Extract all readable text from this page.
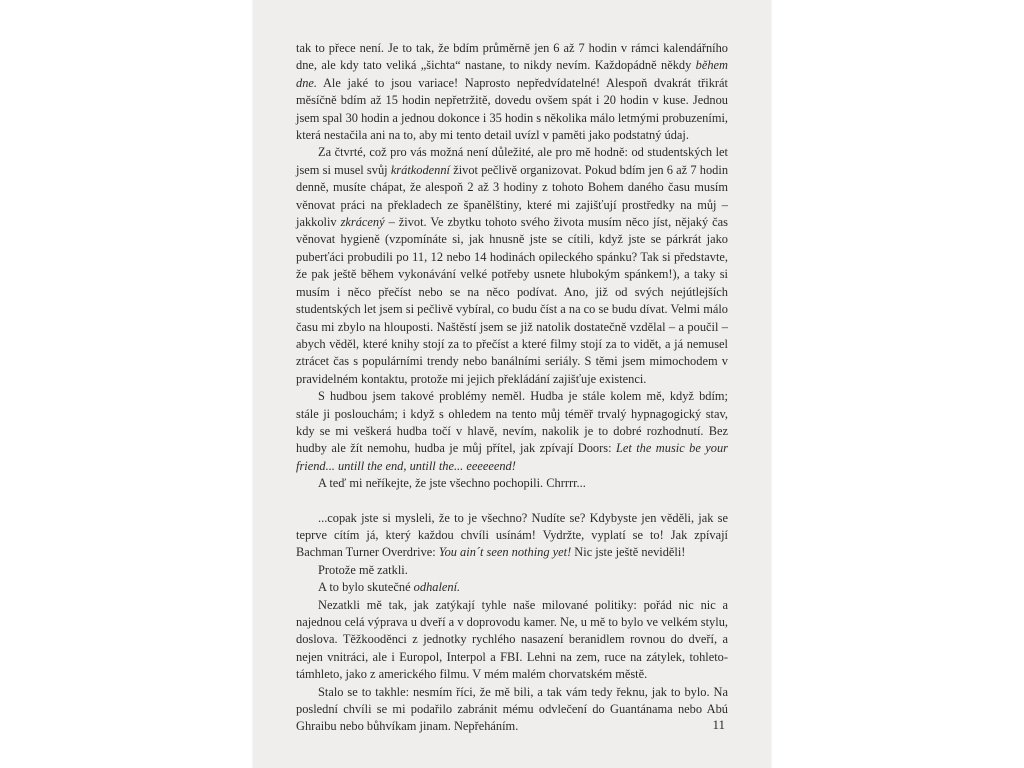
tak to přece není. Je to tak, že bdím průměrně jen 6 až 7 hodin v rámci kalendářního dne, ale kdy tato veliká „šichta“ nastane, to nikdy nevím. Každopádně někdy během dne. Ale jaké to jsou variace! Naprosto nepředvídatelné! Alespoň dvakrát třikrát měsíčně bdím až 15 hodin nepřetržitě, dovedu ovšem spát i 20 hodin v kuse. Jednou jsem spal 30 hodin a jednou dokonce i 35 hodin s několika málo letmými probuzeními, která nestačila ani na to, aby mi tento detail uvízl v paměti jako podstatný údaj.

Za čtvrté, což pro vás možná není důležité, ale pro mě hodně: od studentských let jsem si musel svůj krátkodenní život pečlivě organizovat. Pokud bdím jen 6 až 7 hodin denně, musíte chápat, že alespoň 2 až 3 hodiny z tohoto Bohem daného času musím věnovat práci na překladech ze španělštiny, které mi zajišťují prostředky na můj – jakkoliv zkrácený – život. Ve zbytku tohoto svého života musím něco jíst, nějaký čas věnovat hygieně (vzpomínáte si, jak hnusně jste se cítili, když jste se párkrát jako puberťáci probudili po 11, 12 nebo 14 hodinách opileckého spánku? Tak si představte, že pak ještě během vykonávání velké potřeby usnete hlubokým spánkem!), a taky si musím i něco přečíst nebo se na něco podívat. Ano, již od svých nejútlejších studentských let jsem si pečlivě vybíral, co budu číst a na co se budu dívat. Velmi málo času mi zbylo na hlouposti. Naštěstí jsem se již natolik dostatečně vzdělal – a poučil – abych věděl, které knihy stojí za to přečíst a které filmy stojí za to vidět, a já nemusel ztrácet čas s populárními trendy nebo banálními seriály. S těmi jsem mimochodem v pravidelném kontaktu, protože mi jejich překládání zajišťuje existenci.

S hudbou jsem takové problémy neměl. Hudba je stále kolem mě, když bdím; stále ji poslouchám; i když s ohledem na tento můj téměř trvalý hypnagogický stav, kdy se mi veškerá hudba točí v hlavě, nevím, nakolik je to dobré rozhodnutí. Bez hudby ale žít nemohu, hudba je můj přítel, jak zpívají Doors: Let the music be your friend... untill the end, untill the... eeeeeend!

A teď mi neříkejte, že jste všechno pochopili. Chrrrr...

...copak jste si mysleli, že to je všechno? Nudíte se? Kdybyste jen věděli, jak se teprve cítím já, který každou chvíli usínám! Vydržte, vyplatí se to! Jak zpívají Bachman Turner Overdrive: You ain´t seen nothing yet! Nic jste ještě neviděli!

Protože mě zatkli.

A to bylo skutečné odhalení.

Nezatkli mě tak, jak zatýkají tyhle naše milované politiky: pořád nic nic a najednou celá výprava u dveří a v doprovodu kamer. Ne, u mě to bylo ve velkém stylu, doslova. Těžkooděnci z jednotky rychlého nasazení beranidlem rovnou do dveří, a nejen vnitráci, ale i Europol, Interpol a FBI. Lehni na zem, ruce na zátylek, tohleto-támhleto, jako z amerického filmu. V mém malém chorvatském městě.

Stalo se to takhle: nesmím říci, že mě bili, a tak vám tedy řeknu, jak to bylo. Na poslední chvíli se mi podařilo zabránit mému odvlečení do Guantánama nebo Abú Ghraibu nebo bůhvíkam jinam. Nepřeháním.	11
